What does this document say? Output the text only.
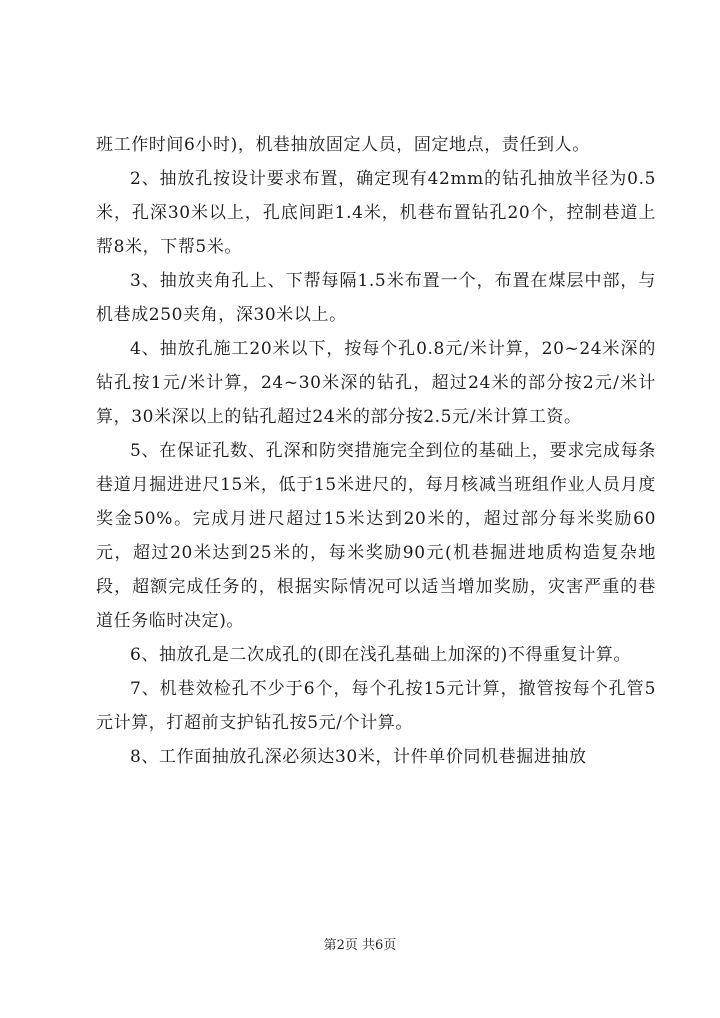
班工作时间6小时)，机巷抽放固定人员，固定地点，责任到人。

2、抽放孔按设计要求布置，确定现有42mm的钻孔抽放半径为0.5米，孔深30米以上，孔底间距1.4米，机巷布置钻孔20个，控制巷道上帮8米，下帮5米。

3、抽放夹角孔上、下帮每隔1.5米布置一个，布置在煤层中部，与机巷成250夹角，深30米以上。

4、抽放孔施工20米以下，按每个孔0.8元/米计算，20~24米深的钻孔按1元/米计算，24~30米深的钻孔，超过24米的部分按2元/米计算，30米深以上的钻孔超过24米的部分按2.5元/米计算工资。

5、在保证孔数、孔深和防突措施完全到位的基础上，要求完成每条巷道月掘进进尺15米，低于15米进尺的，每月核减当班组作业人员月度奖金50%。完成月进尺超过15米达到20米的，超过部分每米奖励60元，超过20米达到25米的，每米奖励90元(机巷掘进地质构造复杂地段，超额完成任务的，根据实际情况可以适当增加奖励，灾害严重的巷道任务临时决定)。

6、抽放孔是二次成孔的(即在浅孔基础上加深的)不得重复计算。

7、机巷效检孔不少于6个，每个孔按15元计算，撤管按每个孔管5元计算，打超前支护钻孔按5元/个计算。

8、工作面抽放孔深必须达30米，计件单价同机巷掘进抽放

第2页 共6页
